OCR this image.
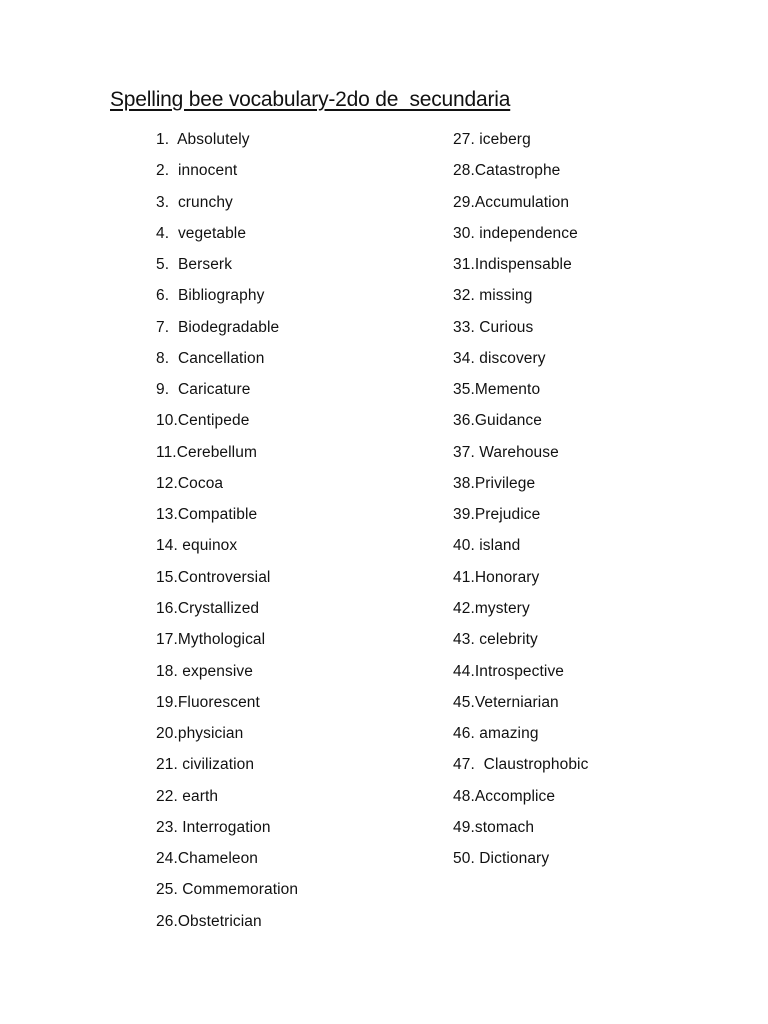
Spelling bee vocabulary-2do de  secundaria
1.  Absolutely
2.  innocent
3.  crunchy
4.  vegetable
5.  Berserk
6.  Bibliography
7.  Biodegradable
8.  Cancellation
9.  Caricature
10.Centipede
11.Cerebellum
12.Cocoa
13.Compatible
14. equinox
15.Controversial
16.Crystallized
17.Mythological
18. expensive
19.Fluorescent
20.physician
21. civilization
22. earth
23. Interrogation
24.Chameleon
25. Commemoration
26.Obstetrician
27. iceberg
28.Catastrophe
29.Accumulation
30. independence
31.Indispensable
32. missing
33. Curious
34. discovery
35.Memento
36.Guidance
37. Warehouse
38.Privilege
39.Prejudice
40. island
41.Honorary
42.mystery
43. celebrity
44.Introspective
45.Veterniarian
46. amazing
47.  Claustrophobic
48.Accomplice
49.stomach
50. Dictionary
